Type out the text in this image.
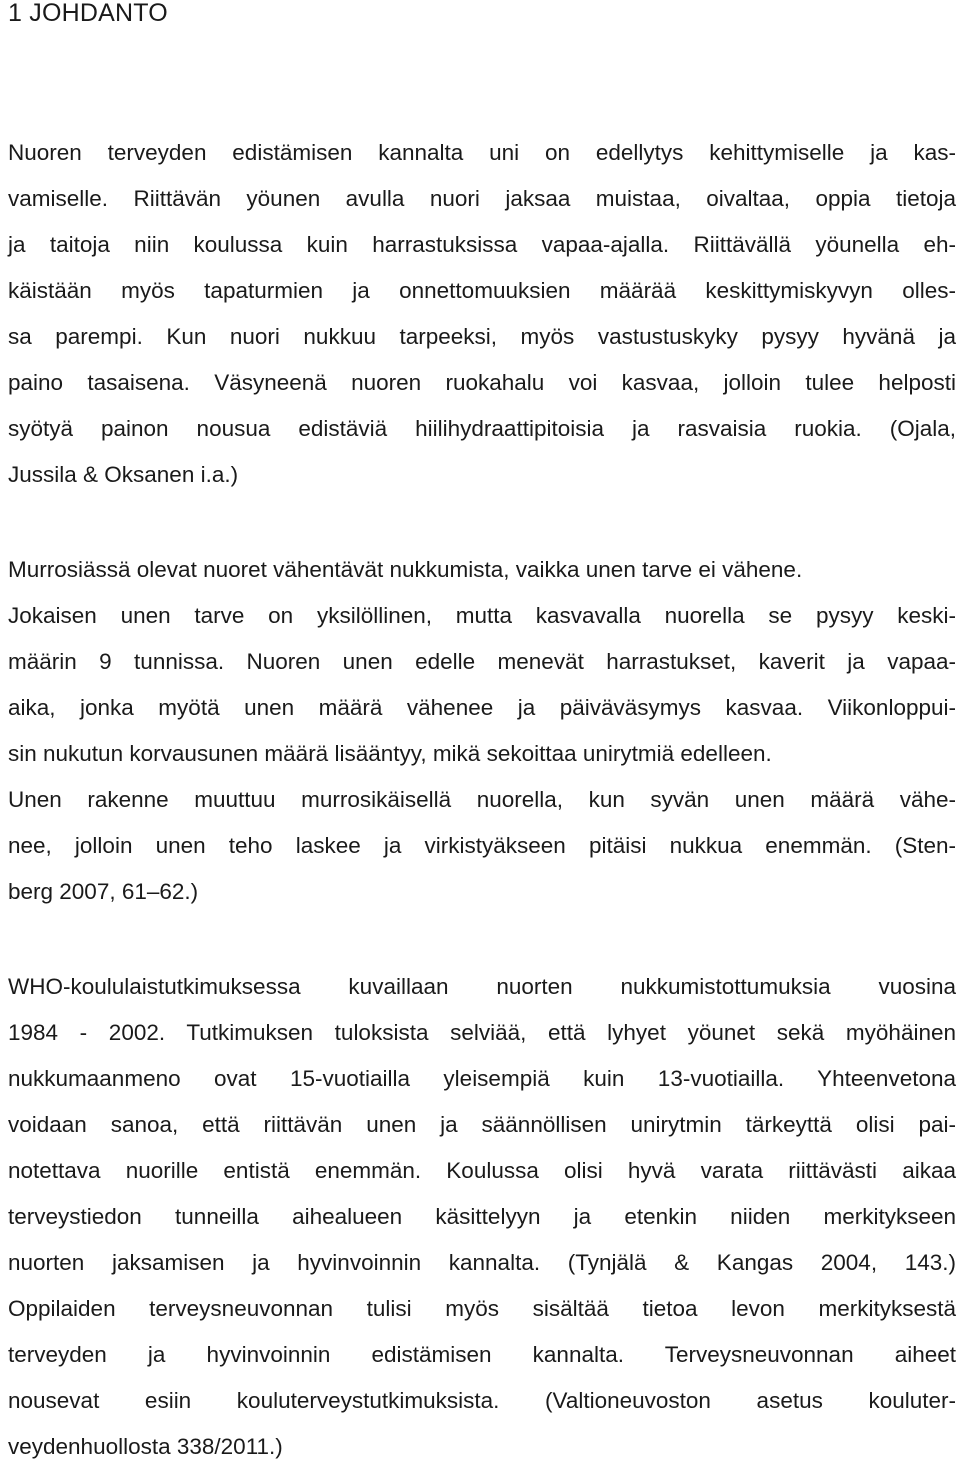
1 JOHDANTO
Nuoren terveyden edistämisen kannalta uni on edellytys kehittymiselle ja kas-
vamiselle. Riittävän yöunen avulla nuori jaksaa muistaa, oivaltaa, oppia tietoja
ja taitoja niin koulussa kuin harrastuksissa vapaa-ajalla. Riittävällä yöunella eh-
käistään myös tapaturmien ja onnettomuuksien määrää keskittymiskyvyn olles-
sa parempi. Kun nuori nukkuu tarpeeksi, myös vastustuskyky pysyy hyvänä ja
paino tasaisena. Väsyneenä nuoren ruokahalu voi kasvaa, jolloin tulee helposti
syötyä painon nousua edistäviä hiilihydraattipitoisia ja rasvaisia ruokia. (Ojala,
Jussila & Oksanen i.a.)
Murrosiässä olevat nuoret vähentävät nukkumista, vaikka unen tarve ei vähene.
Jokaisen unen tarve on yksilöllinen, mutta kasvavalla nuorella se pysyy keski-
määrin 9 tunnissa. Nuoren unen edelle menevät harrastukset, kaverit ja vapaa-
aika, jonka myötä unen määrä vähenee ja päiväväsymys kasvaa. Viikonloppui-
sin nukutun korvausunen määrä lisääntyy, mikä sekoittaa unirytmiä edelleen.
Unen rakenne muuttuu murrosikäisellä nuorella, kun syvän unen määrä vähe-
nee, jolloin unen teho laskee ja virkistyäkseen pitäisi nukkua enemmän. (Sten-
berg 2007, 61–62.)
WHO-koululaistutkimuksessa kuvaillaan nuorten nukkumistottumuksia vuosina
1984 - 2002. Tutkimuksen tuloksista selviää, että lyhyet yöunet sekä myöhäinen
nukkumaanmeno ovat 15-vuotiailla yleisempiä kuin 13-vuotiailla. Yhteenvetona
voidaan sanoa, että riittävän unen ja säännöllisen unirytmin tärkeyttä olisi pai-
notettava nuorille entistä enemmän. Koulussa olisi hyvä varata riittävästi aikaa
terveystiedon tunneilla aihealueen käsittelyyn ja etenkin niiden merkitykseen
nuorten jaksamisen ja hyvinvoinnin kannalta. (Tynjälä & Kangas 2004, 143.)
Oppilaiden terveysneuvonnan tulisi myös sisältää tietoa levon merkityksestä
terveyden ja hyvinvoinnin edistämisen kannalta. Terveysneuvonnan aiheet
nousevat esiin kouluterveystutkimuksista. (Valtioneuvoston asetus kouluter-
veydenhuollosta 338/2011.)
